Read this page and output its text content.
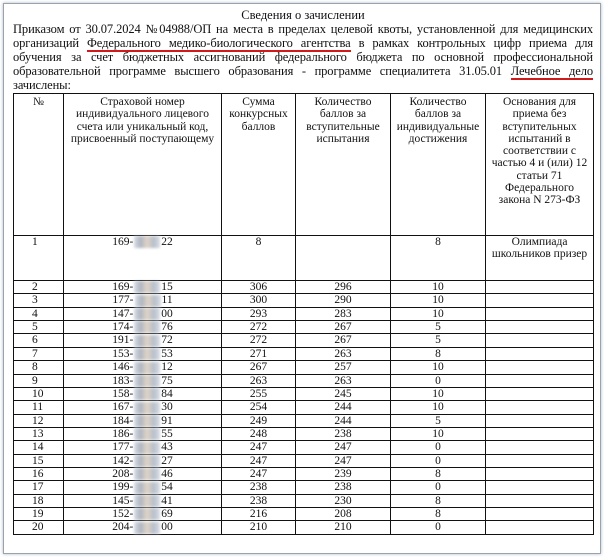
Сведения о зачислении

Приказом от 30.07.2024 №04988/ОП на места в пределах целевой квоты, установленной для медицинских
организаций Федерального медико-биологического агентства в рамках контрольных цифр приема для
обучения за счет бюджетных ассигнований федерального бюджета по основной профессиональной
образовательной программе высшего образования - программе специалитета 31.05.01 Лечебное дело
зачислены:
№	Страховой номер индивидуального лицевого счета или уникальный код, присвоенный поступающему	Сумма конкурсных баллов	Количество баллов за вступительные испытания	Количество баллов за индивидуальные достижения	Основания для приема без вступительных испытаний в соответствии с частью 4 и (или) 12 статьи 71 Федерального закона N 273-ФЗ
1	169- 22	8		8	Олимпиада школьников призер
2	169- 15	306	296	10	
3	177- 11	300	290	10	
4	147- 00	293	283	10	
5	174- 76	272	267	5	
6	191- 72	272	267	5	
7	153- 53	271	263	8	
8	146- 12	267	257	10	
9	183- 75	263	263	0	
10	158- 84	255	245	10	
11	167- 30	254	244	10	
12	184- 91	249	244	5	
13	186- 55	248	238	10	
14	177- 43	247	247	0	
15	142- 27	247	247	0	
16	208- 46	247	239	8	
17	199- 54	238	238	0	
18	145- 41	238	230	8	
19	152- 69	216	208	8	
20	204- 00	210	210	0	
